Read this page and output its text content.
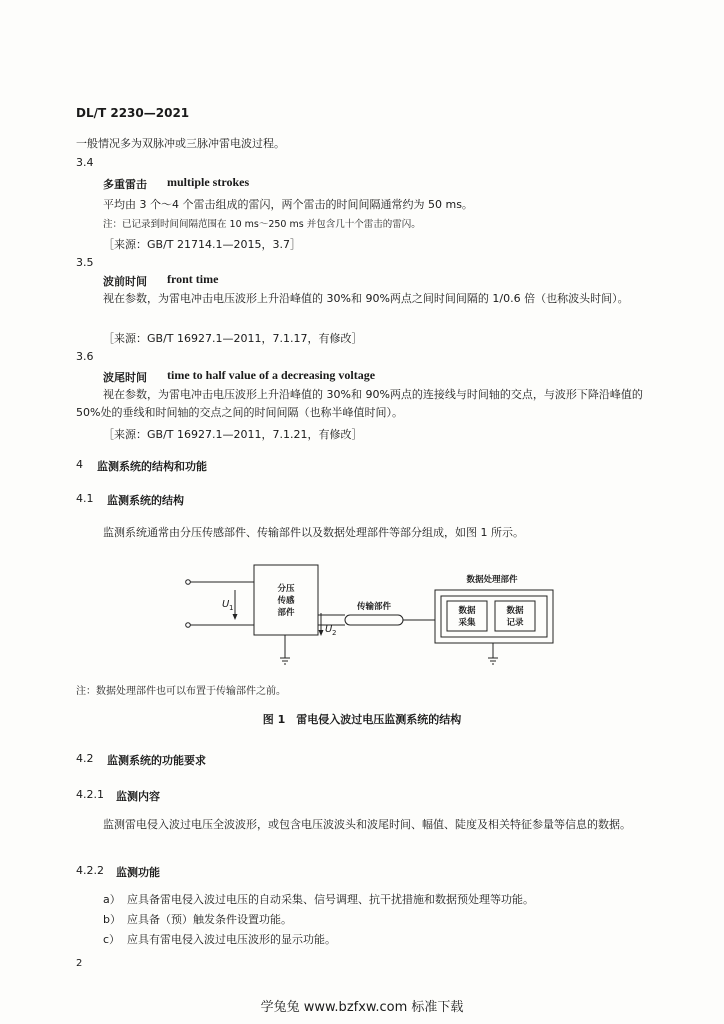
DL/T 2230—2021
一般情况多为双脉冲或三脉冲雷电波过程。
3.4
多重雷击 multiple strokes
平均由 3 个～4 个雷击组成的雷闪，两个雷击的时间间隔通常约为 50 ms。
注：已记录到时间间隔范围在 10 ms～250 ms 并包含几十个雷击的雷闪。
［来源：GB/T 21714.1—2015，3.7］
3.5
波前时间 front time
视在参数，为雷电冲击电压波形上升沿峰值的 30%和 90%两点之间时间间隔的 1/0.6 倍（也称波头时间）。
［来源：GB/T 16927.1—2011，7.1.17，有修改］
3.6
波尾时间 time to half value of a decreasing voltage
视在参数，为雷电冲击电压波形上升沿峰值的 30%和 90%两点的连接线与时间轴的交点，与波形下降沿峰值的 50%处的垂线和时间轴的交点之间的时间间隔（也称半峰值时间）。
［来源：GB/T 16927.1—2011，7.1.21，有修改］
4 监测系统的结构和功能
4.1 监测系统的结构
监测系统通常由分压传感部件、传输部件以及数据处理部件等部分组成，如图 1 所示。
分压
传感
部件
传输部件
数据处理部件
数据
采集
数据
记录
U 1
U 2
注：数据处理部件也可以布置于传输部件之前。
图 1　雷电侵入波过电压监测系统的结构
4.2 监测系统的功能要求
4.2.1 监测内容
监测雷电侵入波过电压全波波形，或包含电压波波头和波尾时间、幅值、陡度及相关特征参量等信息的数据。
4.2.2 监测功能
a） 应具备雷电侵入波过电压的自动采集、信号调理、抗干扰措施和数据预处理等功能。
b） 应具备（预）触发条件设置功能。
c） 应具有雷电侵入波过电压波形的显示功能。
2
学兔兔 www.bzfxw.com 标准下载
